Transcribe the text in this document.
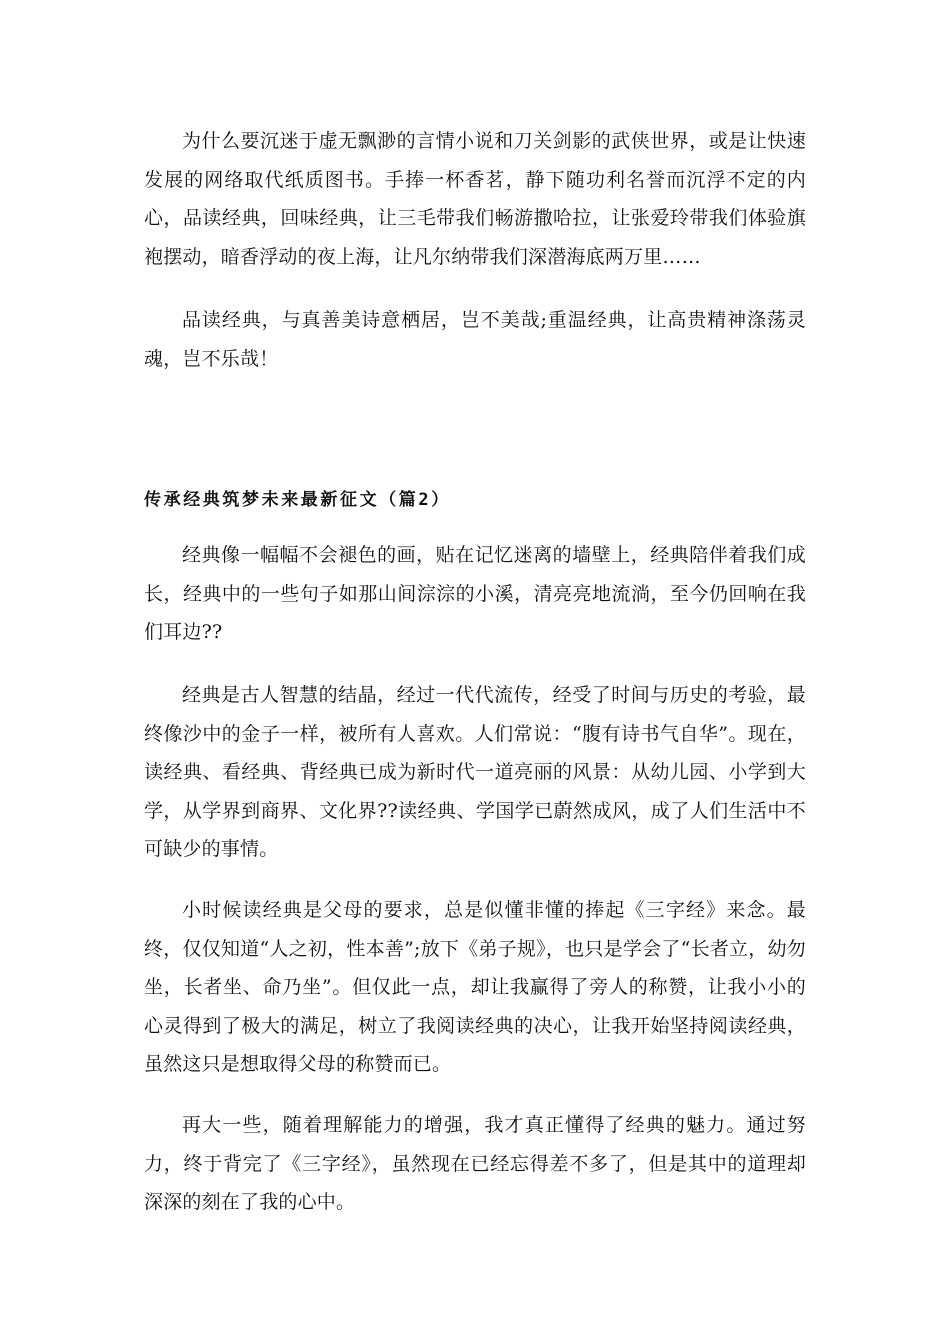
为什么要沉迷于虚无飘渺的言情小说和刀关剑影的武侠世界，或是让快速发展的网络取代纸质图书。手捧一杯香茗，静下随功利名誉而沉浮不定的内心，品读经典，回味经典，让三毛带我们畅游撒哈拉，让张爱玲带我们体验旗袍摆动，暗香浮动的夜上海，让凡尔纳带我们深潜海底两万里……

品读经典，与真善美诗意栖居，岂不美哉;重温经典，让高贵精神涤荡灵魂，岂不乐哉！

传承经典筑梦未来最新征文（篇2）

经典像一幅幅不会褪色的画，贴在记忆迷离的墙壁上，经典陪伴着我们成长，经典中的一些句子如那山间淙淙的小溪，清亮亮地流淌，至今仍回响在我们耳边??

经典是古人智慧的结晶，经过一代代流传，经受了时间与历史的考验，最终像沙中的金子一样，被所有人喜欢。人们常说：“腹有诗书气自华”。现在，读经典、看经典、背经典已成为新时代一道亮丽的风景：从幼儿园、小学到大学，从学界到商界、文化界??读经典、学国学已蔚然成风，成了人们生活中不可缺少的事情。

小时候读经典是父母的要求，总是似懂非懂的捧起《三字经》来念。最终，仅仅知道“人之初，性本善”;放下《弟子规》，也只是学会了“长者立，幼勿坐，长者坐、命乃坐”。但仅此一点，却让我赢得了旁人的称赞，让我小小的心灵得到了极大的满足，树立了我阅读经典的决心，让我开始坚持阅读经典，虽然这只是想取得父母的称赞而已。

再大一些，随着理解能力的增强，我才真正懂得了经典的魅力。通过努力，终于背完了《三字经》，虽然现在已经忘得差不多了，但是其中的道理却深深的刻在了我的心中。
